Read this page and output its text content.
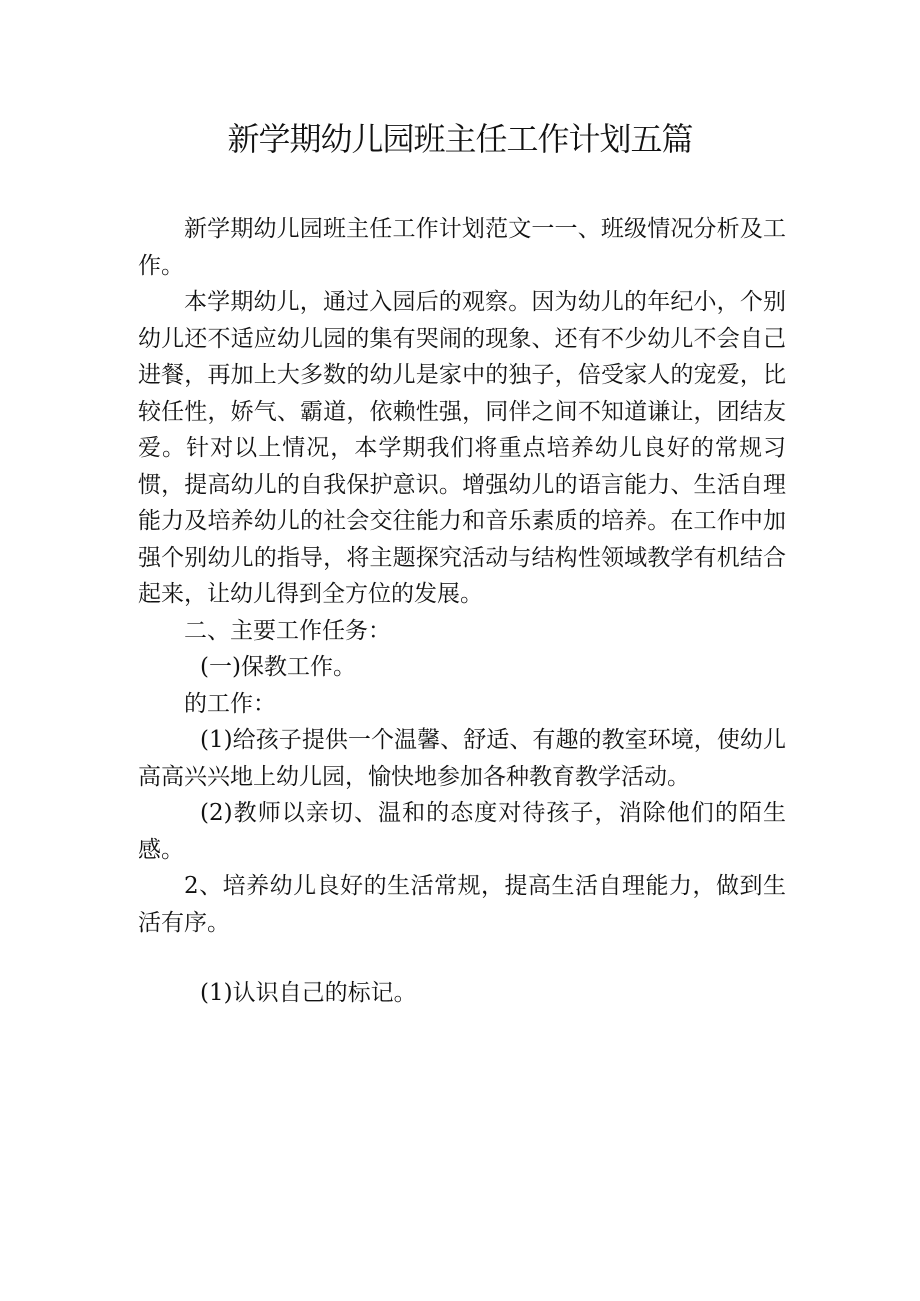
新学期幼儿园班主任工作计划五篇

新学期幼儿园班主任工作计划范文一一、班级情况分析及工作。

本学期幼儿，通过入园后的观察。因为幼儿的年纪小，个别幼儿还不适应幼儿园的集有哭闹的现象、还有不少幼儿不会自己进餐，再加上大多数的幼儿是家中的独子，倍受家人的宠爱，比较任性，娇气、霸道，依赖性强，同伴之间不知道谦让，团结友爱。针对以上情况，本学期我们将重点培养幼儿良好的常规习惯，提高幼儿的自我保护意识。增强幼儿的语言能力、生活自理能力及培养幼儿的社会交往能力和音乐素质的培养。在工作中加强个别幼儿的指导，将主题探究活动与结构性领域教学有机结合起来，让幼儿得到全方位的发展。

二、主要工作任务：

(一)保教工作。

的工作：

(1)给孩子提供一个温馨、舒适、有趣的教室环境，使幼儿高高兴兴地上幼儿园，愉快地参加各种教育教学活动。

(2)教师以亲切、温和的态度对待孩子，消除他们的陌生感。

2、培养幼儿良好的生活常规，提高生活自理能力，做到生活有序。

(1)认识自己的标记。
